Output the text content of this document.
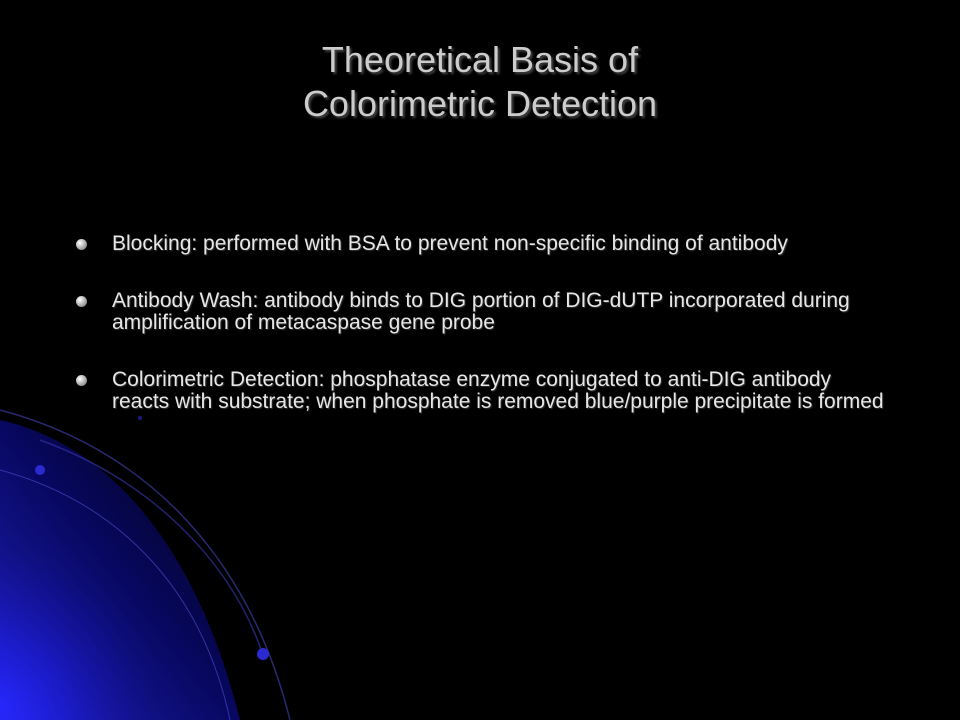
Theoretical Basis of
Colorimetric Detection
Blocking: performed with BSA to prevent non-specific binding of antibody
Antibody Wash: antibody binds to DIG portion of DIG-dUTP incorporated during amplification of metacaspase gene probe
Colorimetric Detection: phosphatase enzyme conjugated to anti-DIG antibody reacts with substrate; when phosphate is removed blue/purple precipitate is formed
